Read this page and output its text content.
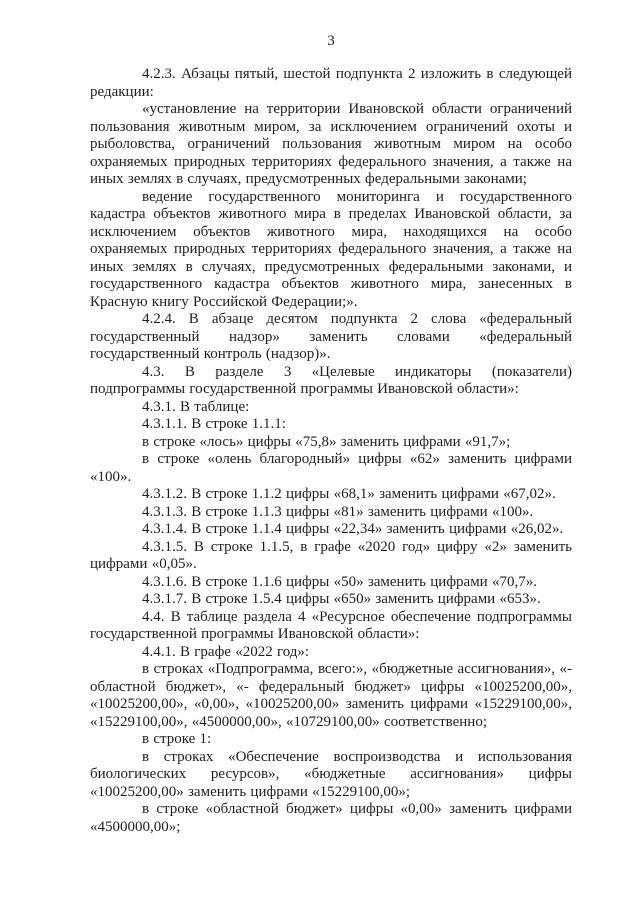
3

4.2.3. Абзацы пятый, шестой подпункта 2 изложить в следующей редакции:

«установление на территории Ивановской области ограничений пользования животным миром, за исключением ограничений охоты и рыболовства, ограничений пользования животным миром на особо охраняемых природных территориях федерального значения, а также на иных землях в случаях, предусмотренных федеральными законами;

ведение государственного мониторинга и государственного кадастра объектов животного мира в пределах Ивановской области, за исключением объектов животного мира, находящихся на особо охраняемых природных территориях федерального значения, а также на иных землях в случаях, предусмотренных федеральными законами, и государственного кадастра объектов животного мира, занесенных в Красную книгу Российской Федерации;».

4.2.4. В абзаце десятом подпункта 2 слова «федеральный государственный надзор» заменить словами «федеральный государственный контроль (надзор)».

4.3. В разделе 3 «Целевые индикаторы (показатели) подпрограммы государственной программы Ивановской области»:

4.3.1. В таблице:

4.3.1.1. В строке 1.1.1:

в строке «лось» цифры «75,8» заменить цифрами «91,7»;

в строке «олень благородный» цифры «62» заменить цифрами «100».

4.3.1.2. В строке 1.1.2 цифры «68,1» заменить цифрами «67,02».

4.3.1.3. В строке 1.1.3 цифры «81» заменить цифрами «100».

4.3.1.4. В строке 1.1.4 цифры «22,34» заменить цифрами «26,02».

4.3.1.5. В строке 1.1.5, в графе «2020 год» цифру «2» заменить цифрами «0,05».

4.3.1.6. В строке 1.1.6 цифры «50» заменить цифрами «70,7».

4.3.1.7. В строке 1.5.4 цифры «650» заменить цифрами «653».

4.4. В таблице раздела 4 «Ресурсное обеспечение подпрограммы государственной программы Ивановской области»:

4.4.1. В графе «2022 год»:

в строках «Подпрограмма, всего:», «бюджетные ассигнования», «- областной бюджет», «- федеральный бюджет» цифры «10025200,00», «10025200,00», «0,00», «10025200,00» заменить цифрами «15229100,00», «15229100,00», «4500000,00», «10729100,00» соответственно;

в строке 1:

в строках «Обеспечение воспроизводства и использования биологических ресурсов», «бюджетные ассигнования» цифры «10025200,00» заменить цифрами «15229100,00»;

в строке «областной бюджет» цифры «0,00» заменить цифрами «4500000,00»;
